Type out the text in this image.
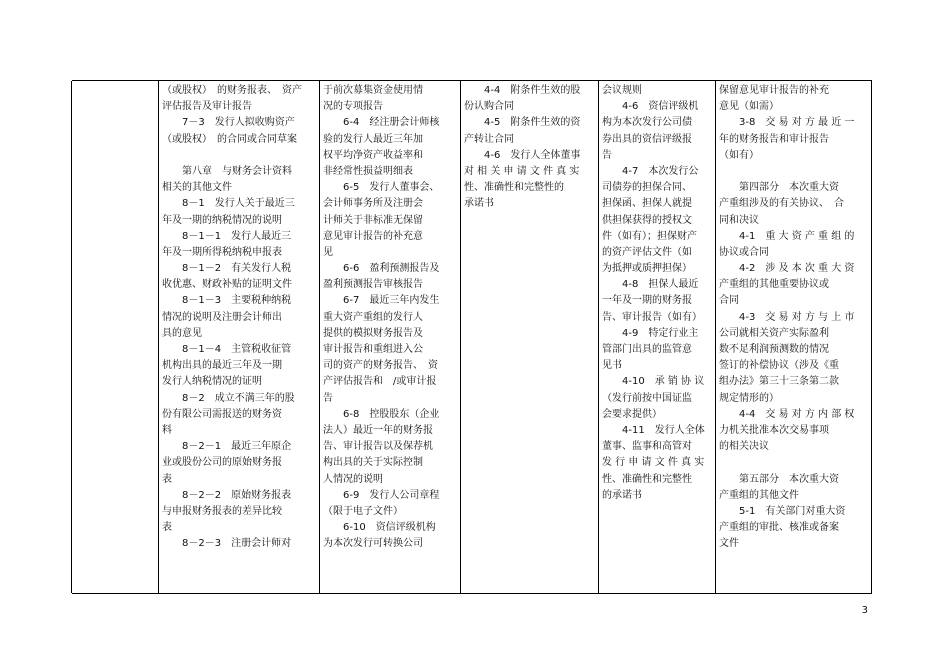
（或股权）　的财务报表、　资产
评估报告及审计报告
　　7－3　发行人拟收购资产
（或股权）　的合同或合同草案
　　第八章　与财务会计资料
相关的其他文件
　　8－1　发行人关于最近三
年及一期的纳税情况的说明
　　8－1－1　发行人最近三
年及一期所得税纳税申报表
　　8－1－2　有关发行人税
收优惠、财政补贴的证明文件
　　8－1－3　主要税种纳税
情况的说明及注册会计师出
具的意见
　　8－1－4　主管税收征管
机构出具的最近三年及一期
发行人纳税情况的证明
　　8－2　成立不满三年的股
份有限公司需报送的财务资
料
　　8－2－1　最近三年原企
业或股份公司的原始财务报
表
　　8－2－2　原始财务报表
与申报财务报表的差异比较
表
　　8－2－3　注册会计师对
于前次募集资金使用情
况的专项报告
　　6-4　经注册会计师核
验的发行人最近三年加
权平均净资产收益率和
非经常性损益明细表
　　6-5　发行人董事会、
会计师事务所及注册会
计师关于非标准无保留
意见审计报告的补充意
见
　　6-6　盈利预测报告及
盈利预测报告审核报告
　　6-7　最近三年内发生
重大资产重组的发行人
提供的模拟财务报告及
审计报告和重组进入公
司的资产的财务报告、　资
产评估报告和　/或审计报
告
　　6-8　控股股东（企业
法人）最近一年的财务报
告、审计报告以及保荐机
构出具的关于实际控制
人情况的说明
　　6-9　发行人公司章程
（限于电子文件）
　　6-10　资信评级机构
为本次发行可转换公司
　　4-4　附条件生效的股
份认购合同
　　4-5　附条件生效的资
产转让合同
　　4-6　发行人全体董事
对 相 关 申 请 文 件 真 实
性、准确性和完整性的
承诺书
会议规则
　　4-6　资信评级机
构为本次发行公司债
券出具的资信评级报
告
　　4-7　本次发行公
司债券的担保合同、
担保函、担保人就提
供担保获得的授权文
件（如有）；担保财产
的资产评估文件（如
为抵押或质押担保）
　　4-8　担保人最近
一年及一期的财务报
告、审计报告（如有）
　　4-9　特定行业主
管部门出具的监管意
见书
　　4-10　承 销 协 议
（发行前按中国证监
会要求提供）
　　4-11　发行人全体
董事、监事和高管对
发 行 申 请 文 件 真 实
性、准确性和完整性
的承诺书
保留意见审计报告的补充
意见（如需）
　　3-8　交 易 对 方 最 近 一
年的财务报告和审计报告
（如有）
　　第四部分　本次重大资
产重组涉及的有关协议、　合
同和决议
　　4-1　重 大 资 产 重 组 的
协议或合同
　　4-2　涉 及 本 次 重 大 资
产重组的其他重要协议或
合同
　　4-3　交 易 对 方 与 上 市
公司就相关资产实际盈利
数不足利润预测数的情况
签订的补偿协议（涉及《重
组办法》第三十三条第二款
规定情形的）
　　4-4　交 易 对 方 内 部 权
力机关批准本次交易事项
的相关决议
　　第五部分　本次重大资
产重组的其他文件
　　5-1　有关部门对重大资
产重组的审批、核准或备案
文件
3
